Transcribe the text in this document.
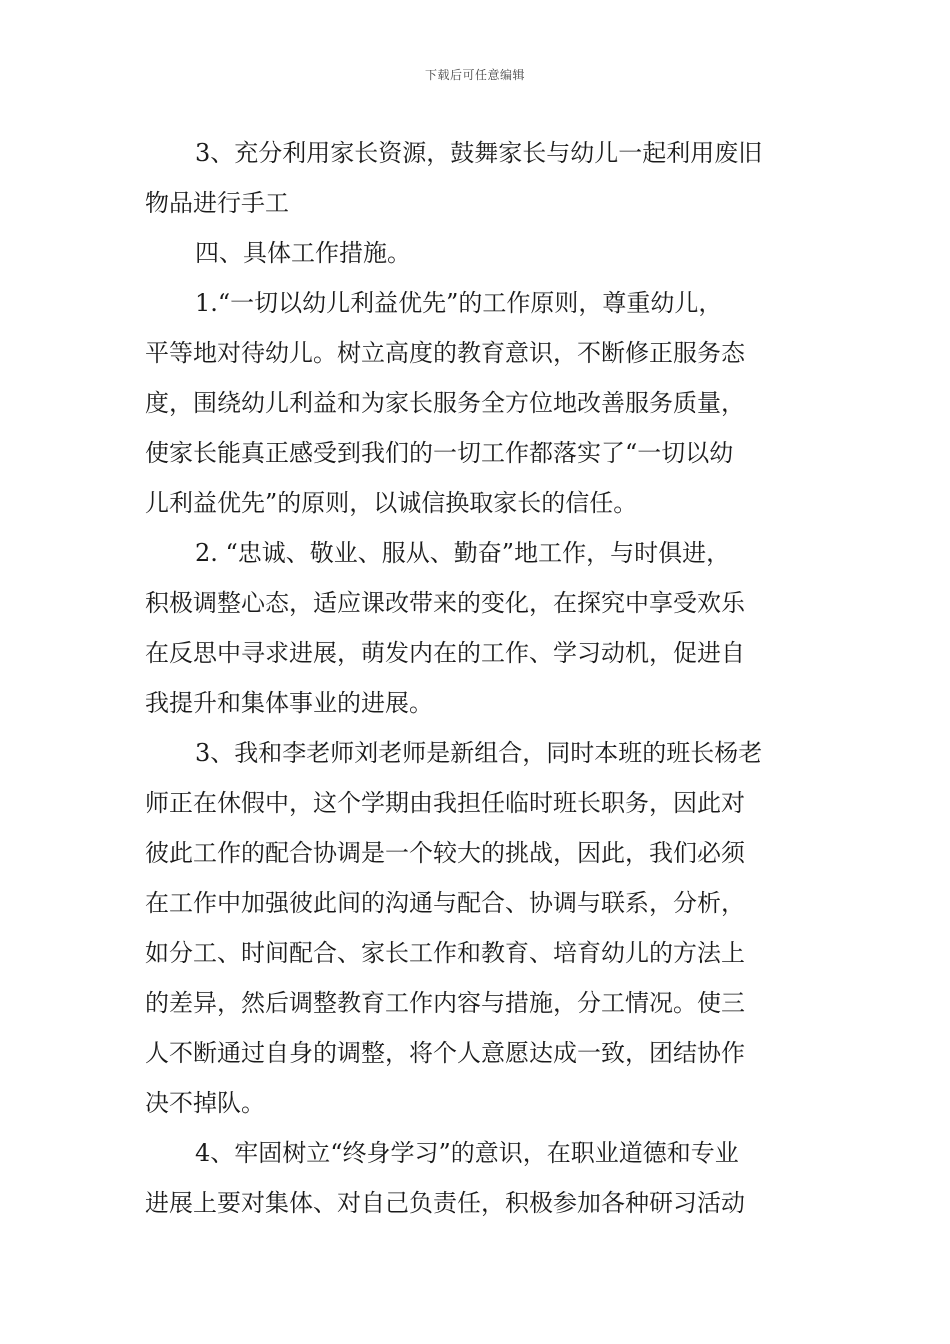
下载后可任意编辑
3、充分利用家长资源，鼓舞家长与幼儿一起利用废旧
物品进行手工
四、具体工作措施。
1.“一切以幼儿利益优先”的工作原则，尊重幼儿，
平等地对待幼儿。树立高度的教育意识，不断修正服务态
度，围绕幼儿利益和为家长服务全方位地改善服务质量，
使家长能真正感受到我们的一切工作都落实了“一切以幼
儿利益优先”的原则，以诚信换取家长的信任。
2. “忠诚、敬业、服从、勤奋”地工作，与时俱进，
积极调整心态，适应课改带来的变化，在探究中享受欢乐
在反思中寻求进展，萌发内在的工作、学习动机，促进自
我提升和集体事业的进展。
3、我和李老师刘老师是新组合，同时本班的班长杨老
师正在休假中，这个学期由我担任临时班长职务，因此对
彼此工作的配合协调是一个较大的挑战，因此，我们必须
在工作中加强彼此间的沟通与配合、协调与联系，分析，
如分工、时间配合、家长工作和教育、培育幼儿的方法上
的差异，然后调整教育工作内容与措施，分工情况。使三
人不断通过自身的调整，将个人意愿达成一致，团结协作
决不掉队。
4、牢固树立“终身学习”的意识，在职业道德和专业
进展上要对集体、对自己负责任，积极参加各种研习活动
